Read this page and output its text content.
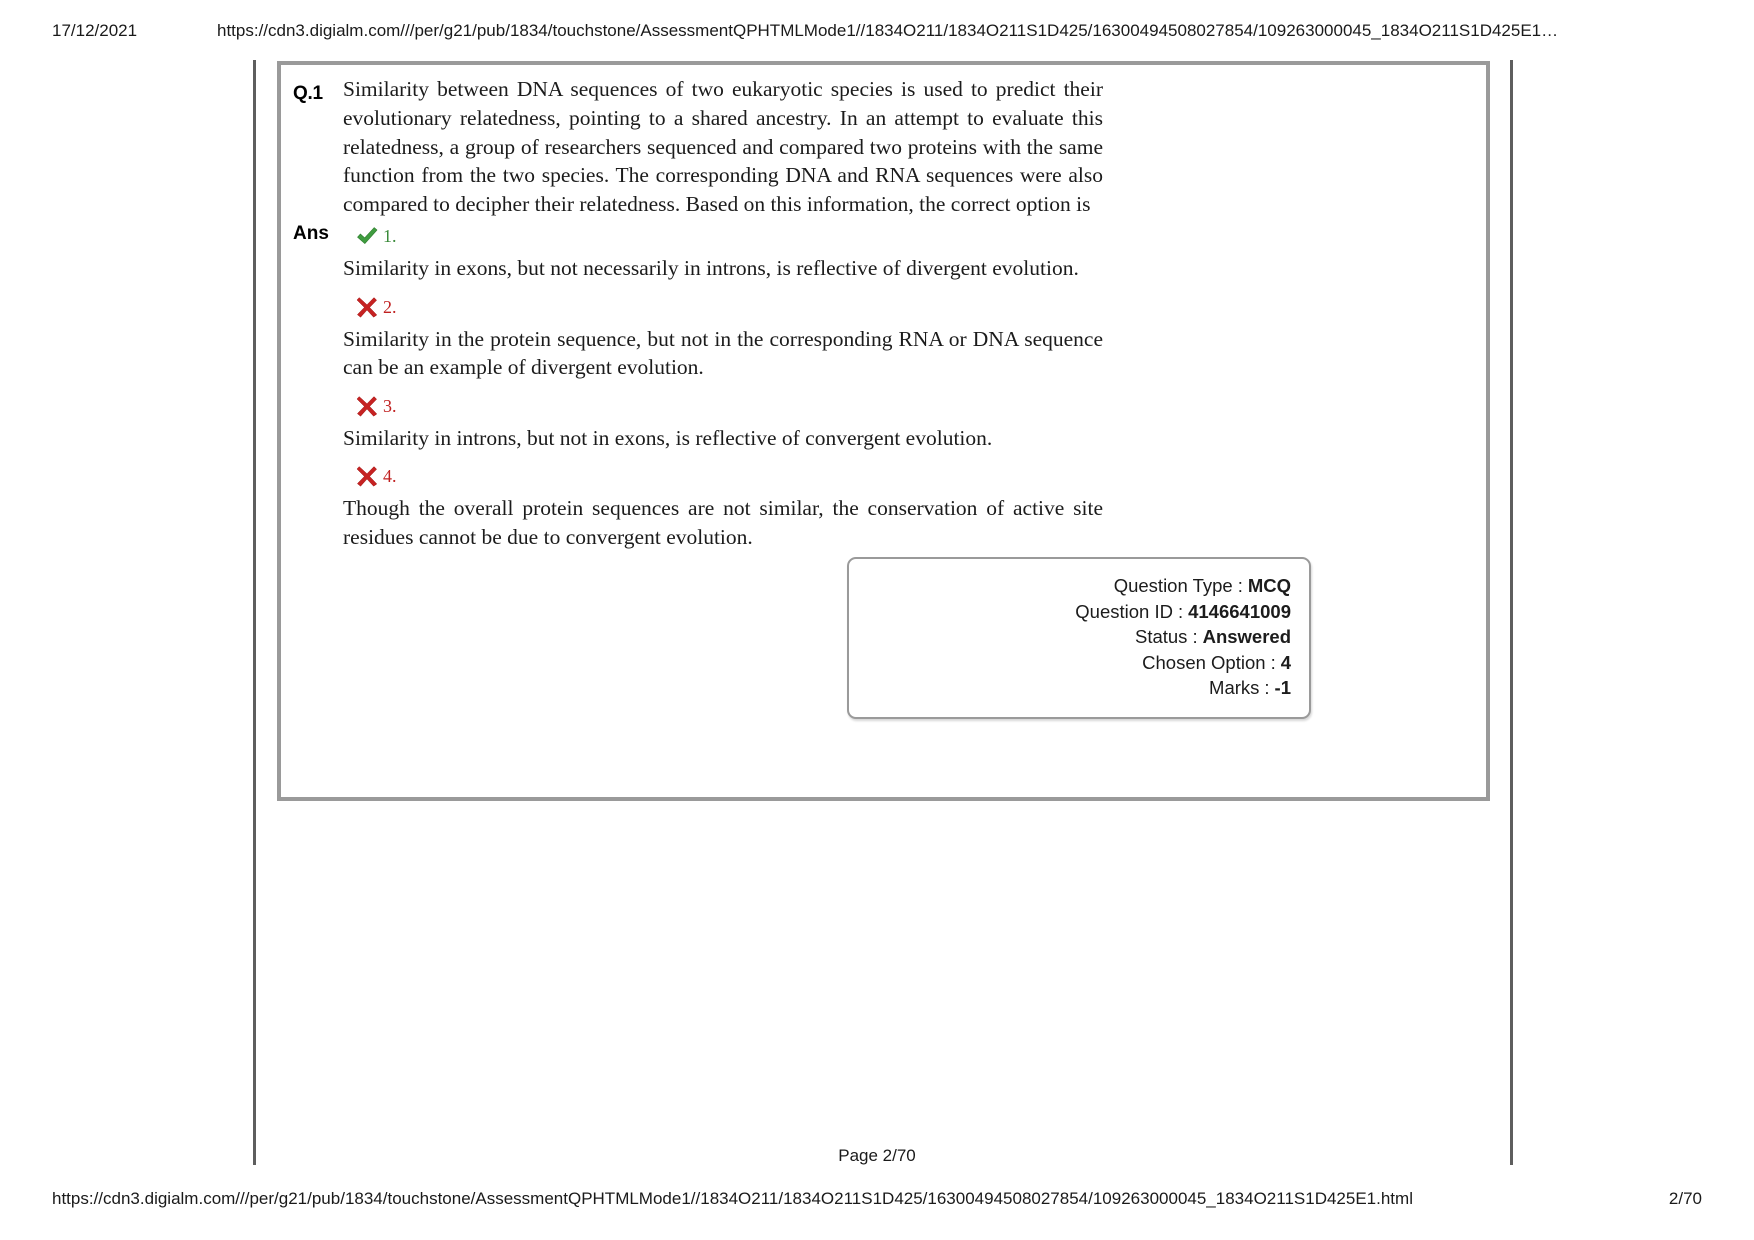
17/12/2021	https://cdn3.digialm.com///per/g21/pub/1834/touchstone/AssessmentQPHTMLMode1//1834O211/1834O211S1D425/16300494508027854/109263000045_1834O211S1D425E1…
Q.1 Similarity between DNA sequences of two eukaryotic species is used to predict their evolutionary relatedness, pointing to a shared ancestry. In an attempt to evaluate this relatedness, a group of researchers sequenced and compared two proteins with the same function from the two species. The corresponding DNA and RNA sequences were also compared to decipher their relatedness. Based on this information, the correct option is
Ans	1.
Similarity in exons, but not necessarily in introns, is reflective of divergent evolution.
2.
Similarity in the protein sequence, but not in the corresponding RNA or DNA sequence can be an example of divergent evolution.
3.
Similarity in introns, but not in exons, is reflective of convergent evolution.
4.
Though the overall protein sequences are not similar, the conservation of active site residues cannot be due to convergent evolution.
Question Type : MCQ
Question ID : 4146641009
Status : Answered
Chosen Option : 4
Marks : -1
Page 2/70
https://cdn3.digialm.com///per/g21/pub/1834/touchstone/AssessmentQPHTMLMode1//1834O211/1834O211S1D425/16300494508027854/109263000045_1834O211S1D425E1.html	2/70
